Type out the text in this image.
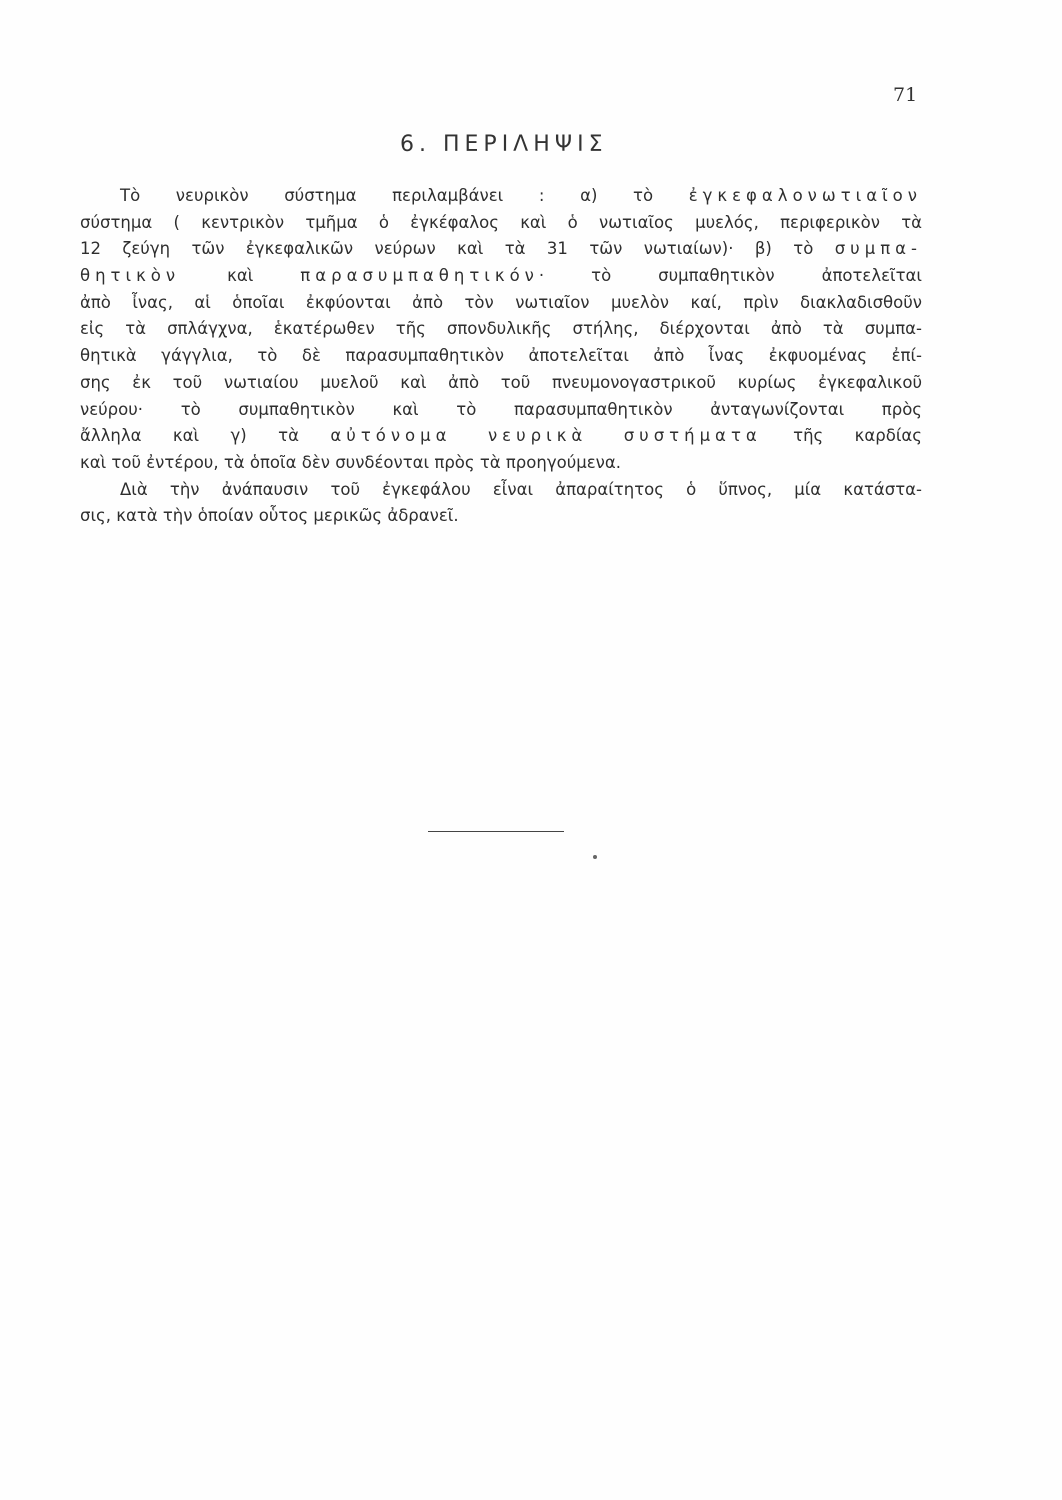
71
6. ΠΕΡΙΛΗΨΙΣ
Τὸ νευρικὸν σύστημα περιλαμβάνει : α) τὸ ἐγκεφαλονωτιαῖον
σύστημα ( κεντρικὸν τμῆμα ὁ ἐγκέφαλος καὶ ὁ νωτιαῖος μυελός, περιφερικὸν τὰ
12 ζεύγη τῶν ἐγκεφαλικῶν νεύρων καὶ τὰ 31 τῶν νωτιαίων)· β) τὸ συμπα-
θητικὸν καὶ παρασυμπαθητικόν· τὸ συμπαθητικὸν ἀποτελεῖται
ἀπὸ ἶνας, αἱ ὁποῖαι ἐκφύονται ἀπὸ τὸν νωτιαῖον μυελὸν καί, πρὶν διακλαδισθοῦν
εἰς τὰ σπλάγχνα, ἑκατέρωθεν τῆς σπονδυλικῆς στήλης, διέρχονται ἀπὸ τὰ συμπα-
θητικὰ γάγγλια, τὸ δὲ παρασυμπαθητικὸν ἀποτελεῖται ἀπὸ ἶνας ἐκφυομένας ἐπί-
σης ἐκ τοῦ νωτιαίου μυελοῦ καὶ ἀπὸ τοῦ πνευμονογαστρικοῦ κυρίως ἐγκεφαλικοῦ
νεύρου· τὸ συμπαθητικὸν καὶ τὸ παρασυμπαθητικὸν ἀνταγωνίζονται πρὸς
ἄλληλα καὶ γ) τὰ αὐτόνομα νευρικὰ συστήματα τῆς καρδίας
καὶ τοῦ ἐντέρου, τὰ ὁποῖα δὲν συνδέονται πρὸς τὰ προηγούμενα.
Διὰ τὴν ἀνάπαυσιν τοῦ ἐγκεφάλου εἶναι ἀπαραίτητος ὁ ὕπνος, μία κατάστα-
σις, κατὰ τὴν ὁποίαν οὗτος μερικῶς ἀδρανεῖ.
